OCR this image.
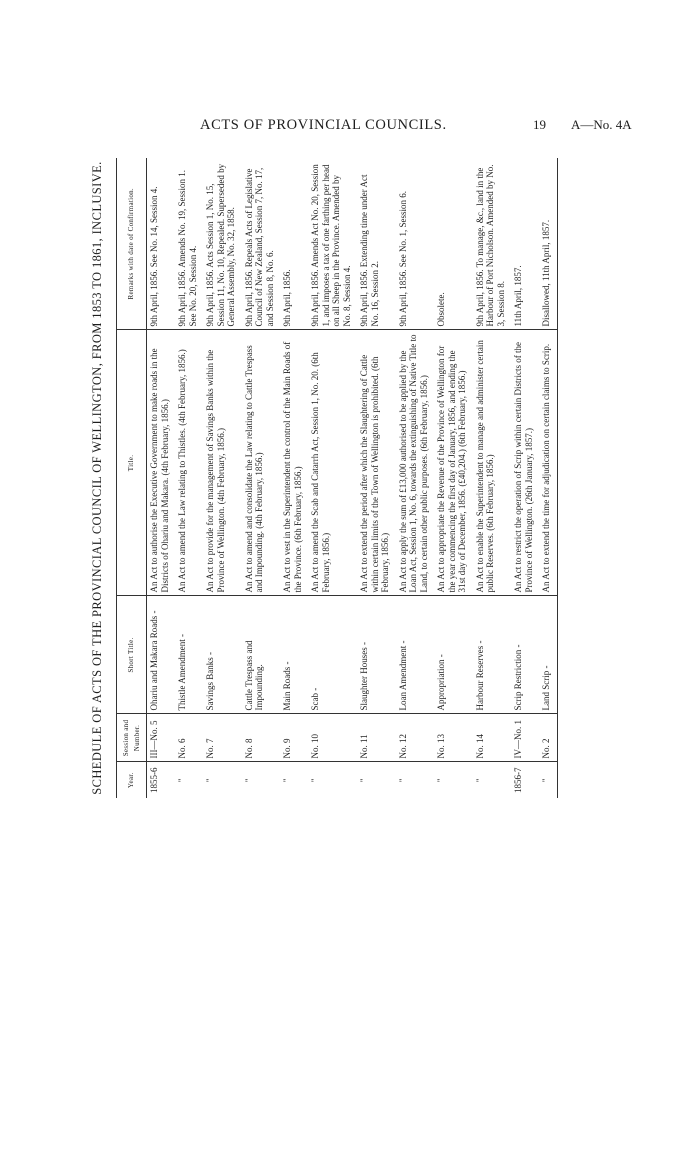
ACTS OF PROVINCIAL COUNCILS.	19 A—No. 4A
SCHEDULE OF ACTS OF THE PROVINCIAL COUNCIL OF WELLINGTON, FROM 1853 TO 1861, INCLUSIVE.	Year.	Session and Number.	Short Title.	Title.	Remarks with date of Confirmation.
1855-6	III—No. 5	Ohariu and Makara Roads -	An Act to authorise the Executive Government to make roads in the Districts of Ohariu and Makara. (4th February, 1856.)	9th April, 1856. See No. 14, Session 4.
"	No. 6	Thistle Amendment -	An Act to amend the Law relating to Thistles. (4th February, 1856.)	9th April, 1856. Amends No. 19, Session 1. See No. 20, Session 4.
"	No. 7	Savings Banks -	An Act to provide for the management of Savings Banks within the Province of Wellington. (4th February, 1856.)	9th April, 1856. Acts Session 1, No. 15, Session 11, No. 10, Repealed. Superseded by General Assembly, No. 32, 1858.
"	No. 8	Cattle Trespass and Impounding.	An Act to amend and consolidate the Law relating to Cattle Trespass and Impounding. (4th February, 1856.)	9th April, 1856. Repeals Acts of Legislative Council of New Zealand, Session 7, No. 17, and Session 8, No. 6.
"	No. 9	Main Roads -	An Act to vest in the Superintendent the control of the Main Roads of the Province. (6th February, 1856.)	9th April, 1856.
"	No. 10	Scab -	An Act to amend the Scab and Catarrh Act, Session 1, No. 20. (6th February, 1856.)	9th April, 1856. Amends Act No. 20, Session 1, and imposes a tax of one farthing per head on all Sheep in the Province. Amended by No. 8, Session 4.
"	No. 11	Slaughter Houses -	An Act to extend the period after which the Slaughtering of Cattle within certain limits of the Town of Wellington is prohibited. (6th February, 1856.)	9th April, 1856. Extending time under Act No. 16, Session 2.
"	No. 12	Loan Amendment -	An Act to apply the sum of £13,000 authorised to be applied by the Loan Act, Session 1, No. 6, towards the extinguishing of Native Title to Land, to certain other public purposes. (6th February, 1856.)	9th April, 1856. See No. 1, Session 6.
"	No. 13	Appropriation -	An Act to appropriate the Revenue of the Province of Wellington for the year commencing the first day of January, 1856, and ending the 31st day of December, 1856. (£40,204.) (6th February, 1856.)	Obsolete.
"	No. 14	Harbour Reserves -	An Act to enable the Superintendent to manage and administer certain public Reserves. (6th February, 1856.)	9th April, 1856. To manage, &c., land in the Harbour of Port Nicholson. Amended by No. 3, Session 8.
1856-7	IV—No. 1	Scrip Restriction -	An Act to restrict the operation of Scrip within certain Districts of the Province of Wellington. (26th January, 1857.)	11th April, 1857.
"	No. 2	Land Scrip -	An Act to extend the time for adjudication on certain claims to Scrip.	Disallowed, 11th April, 1857.
